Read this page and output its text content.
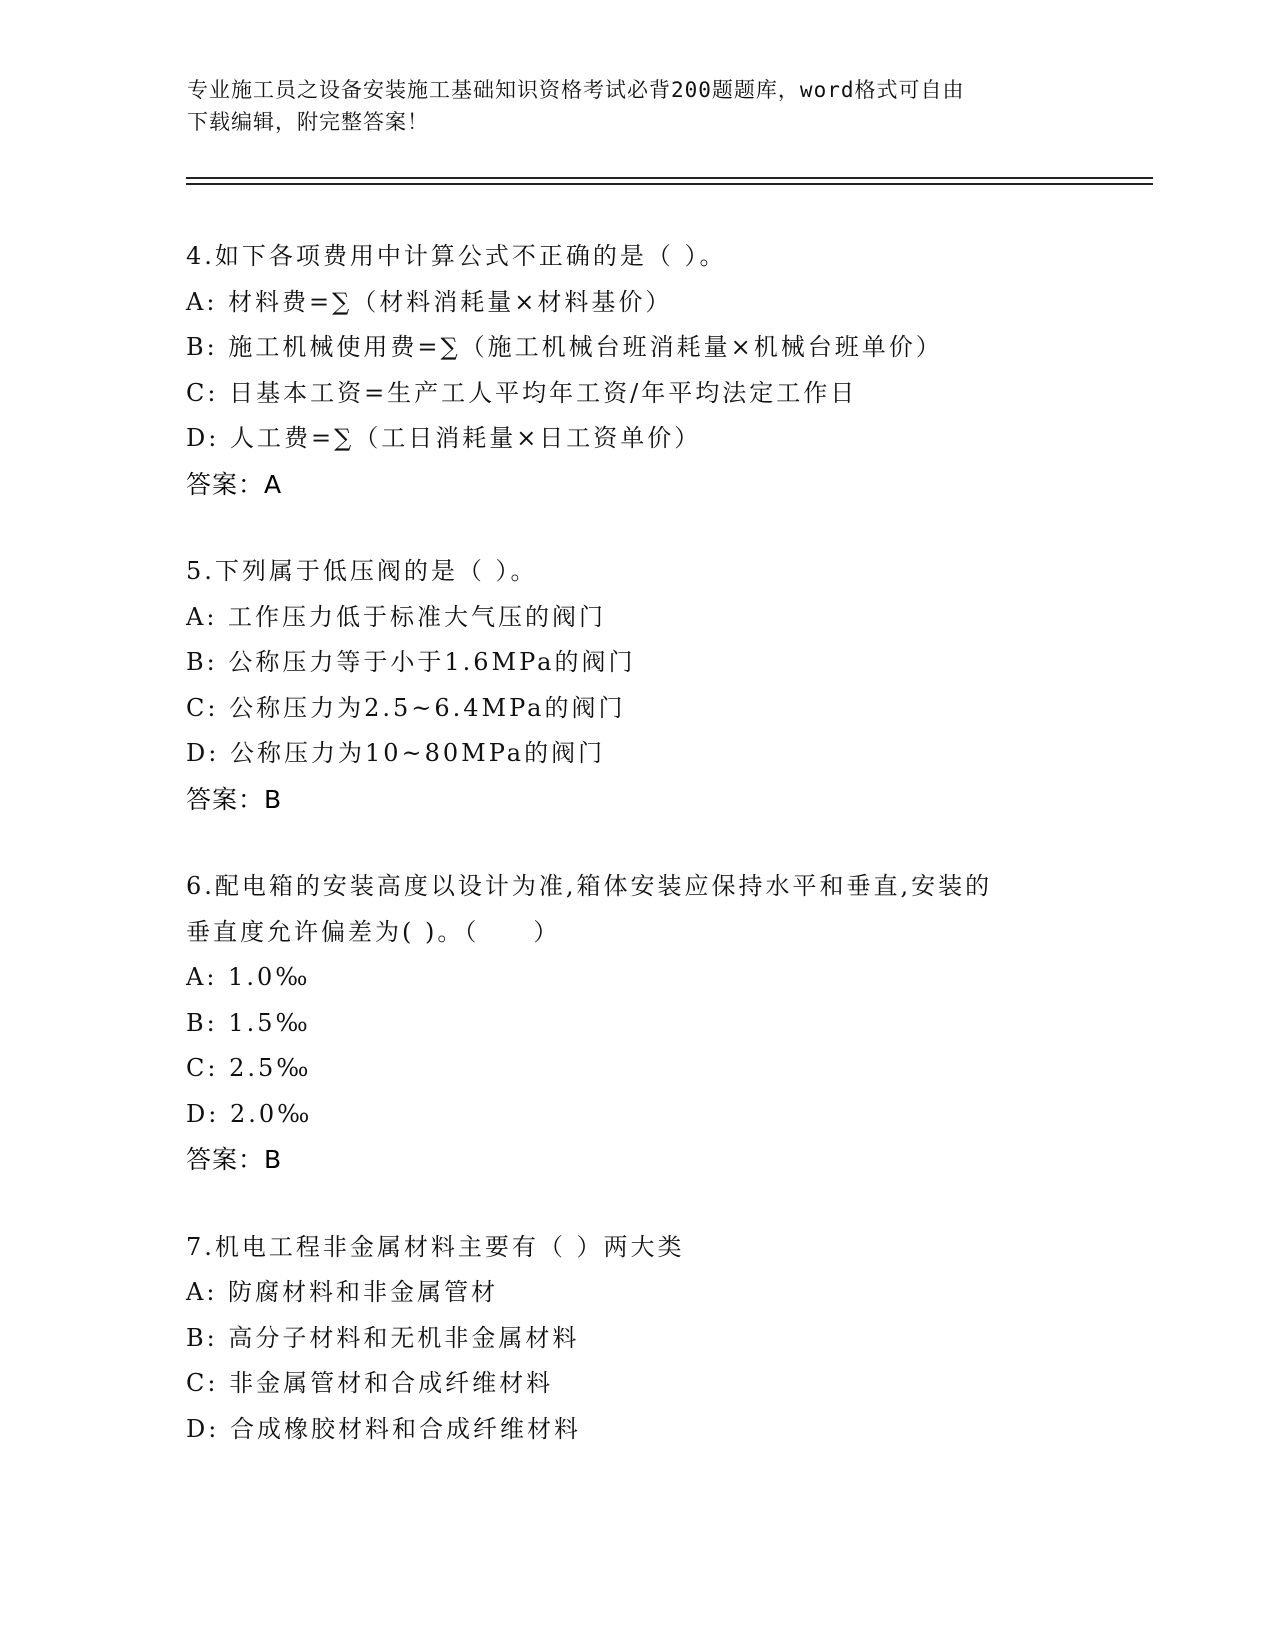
专业施工员之设备安装施工基础知识资格考试必背200题题库，word格式可自由
下载编辑，附完整答案！
4.如下各项费用中计算公式不正确的是（ ）。
A: 材料费=∑（材料消耗量×材料基价）
B: 施工机械使用费=∑（施工机械台班消耗量×机械台班单价）
C: 日基本工资=生产工人平均年工资/年平均法定工作日
D: 人工费=∑（工日消耗量×日工资单价）
答案：A
5.下列属于低压阀的是（ ）。
A: 工作压力低于标准大气压的阀门
B: 公称压力等于小于1.6MPa的阀门
C: 公称压力为2.5~6.4MPa的阀门
D: 公称压力为10~80MPa的阀门
答案：B
6.配电箱的安装高度以设计为准,箱体安装应保持水平和垂直,安装的
垂直度允许偏差为( )。（　　）
A: 1.0‰
B: 1.5‰
C: 2.5‰
D: 2.0‰
答案：B
7.机电工程非金属材料主要有（ ）两大类
A: 防腐材料和非金属管材
B: 高分子材料和无机非金属材料
C: 非金属管材和合成纤维材料
D: 合成橡胶材料和合成纤维材料
